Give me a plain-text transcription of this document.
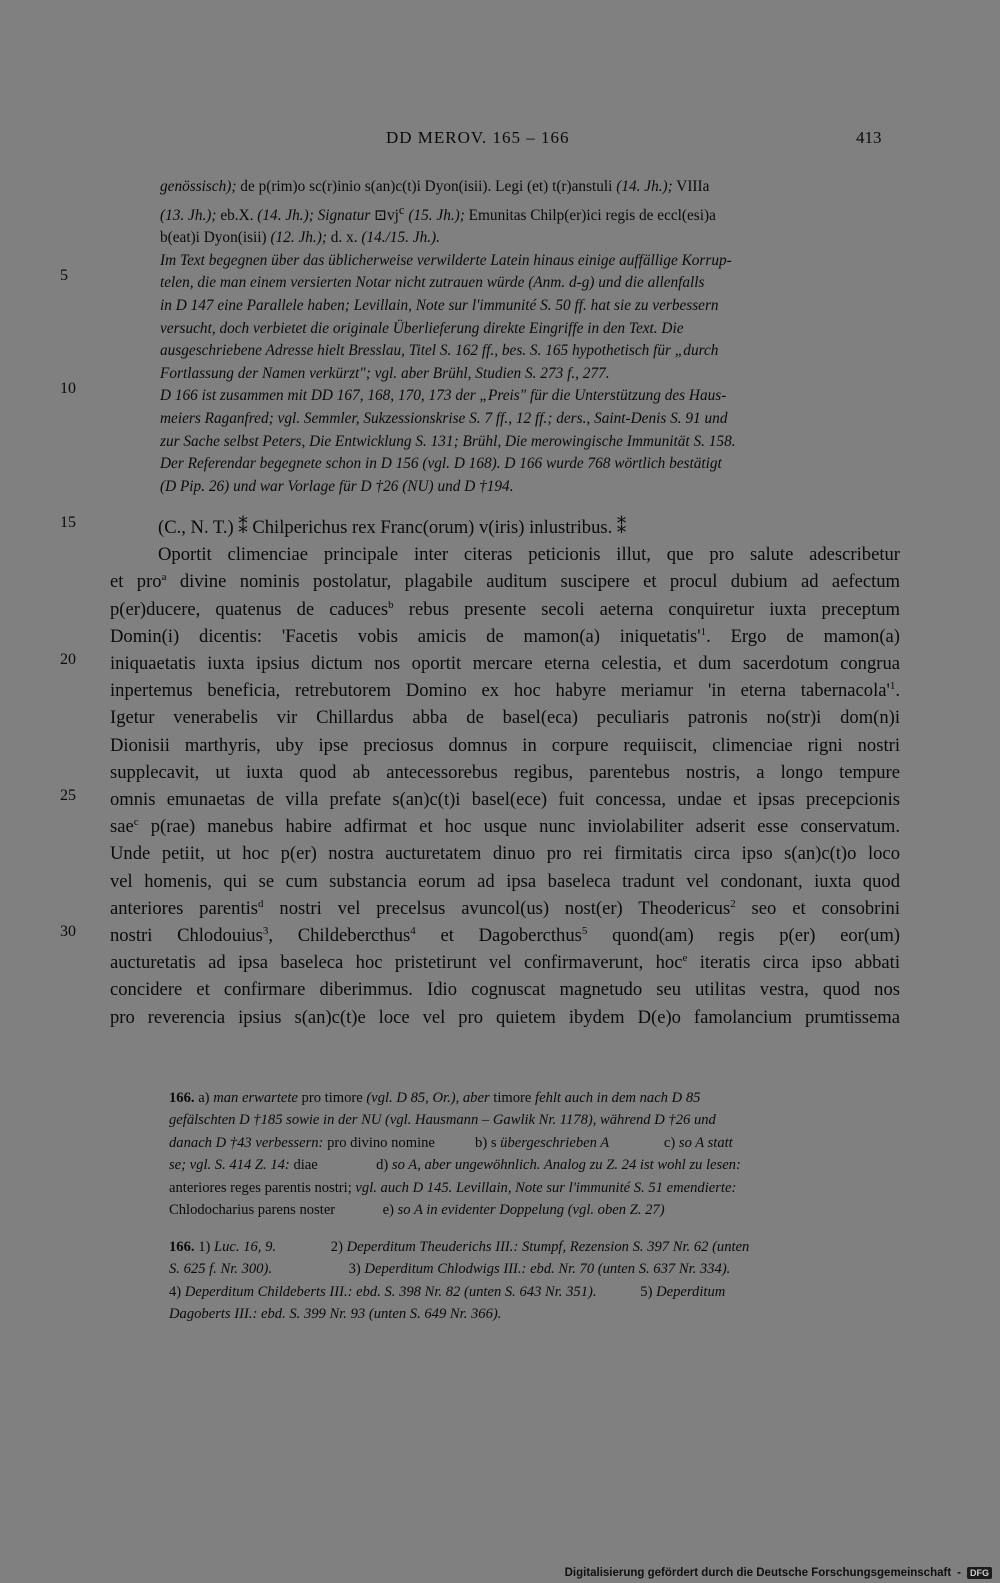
DD MEROV. 165 – 166	413
genössisch); de p(rim)o sc(r)inio s(an)c(t)i Dyon(isii). Legi (et) t(r)anstuli (14. Jh.); VIIIa
(13. Jh.); eb.X. (14. Jh.); Signatur $⊡vj^c$ (15. Jh.); Emunitas Chilp(er)ici regis de eccl(esi)a
b(eat)i Dyon(isii) (12. Jh.); d. x. (14./15. Jh.).
Im Text begegnen über das üblicherweise verwilderte Latein hinaus einige auffällige Korrup-
telen, die man einem versierten Notar nicht zutrauen würde (Anm. d-g) und die allenfalls
in D 147 eine Parallele haben; Levillain, Note sur l'immunité S. 50 ff. hat sie zu verbessern
versucht, doch verbietet die originale Überlieferung direkte Eingriffe in den Text. Die
ausgeschriebene Adresse hielt Bresslau, Titel S. 162 ff., bes. S. 165 hypothetisch für „durch
Fortlassung der Namen verkürzt"; vgl. aber Brühl, Studien S. 273 f., 277.
D 166 ist zusammen mit DD 167, 168, 170, 173 der „Preis" für die Unterstützung des Haus-
meiers Raganfred; vgl. Semmler, Sukzessionskrise S. 7 ff., 12 ff.; ders., Saint-Denis S. 91 und
zur Sache selbst Peters, Die Entwicklung S. 131; Brühl, Die merowingische Immunität S. 158.
Der Referendar begegnete schon in D 156 (vgl. D 168). D 166 wurde 768 wörtlich bestätigt
(D Pip. 26) und war Vorlage für D †26 (NU) und D †194.
5
10
15
20
25
30
(C., N. T.) ⁑ Chilperichus rex Franc(orum) v(iris) inlustribus. ⁑
Oportit climenciae principale inter citeras peticionis illut, que pro salute adescribetur
et pro$^a$ divine nominis postolatur, plagabile auditum suscipere et procul dubium ad aefectum
p(er)ducere, quatenus de caduces$^b$ rebus presente secoli aeterna conquiretur iuxta preceptum
Domin(i) dicentis: 'Facetis vobis amicis de mamon(a) $iniquetatis'^1$. Ergo de mamon(a)
iniquaetatis iuxta ipsius dictum nos oportit mercare eterna celestia, et dum sacerdotum congrua
inpertemus beneficia, retrebutorem Domino ex hoc habyre meriamur 'in eterna $tabernacola'^1$.
Igetur venerabelis vir Chillardus abba de basel(eca) peculiaris patronis no(str)i dom(n)i
Dionisii marthyris, uby ipse preciosus domnus in corpure requiiscit, climenciae rigni nostri
supplecavit, ut iuxta quod ab antecessorebus regibus, parentebus nostris, a longo tempure
omnis emunaetas de villa prefate s(an)c(t)i basel(ece) fuit concessa, undae et ipsas precepcionis
sae$^c$ p(rae) manebus habire adfirmat et hoc usque nunc inviolabiliter adserit esse conservatum.
Unde petiit, ut hoc p(er) nostra aucturetatem dinuo pro rei firmitatis circa ipso s(an)c(t)o loco
vel homenis, qui se cum substancia eorum ad ipsa baseleca tradunt vel condonant, iuxta quod
anteriores parentis$^d$ nostri vel precelsus avuncol(us) nost(er) Theodericus$^2$ seo et consobrini
nostri Chlodouius$^3$, Childebercthus$^4$ et Dagobercthus$^5$ quond(am) regis p(er) eor(um)
aucturetatis ad ipsa baseleca hoc pristetirunt vel confirmaverunt, hoc$^e$ iteratis circa ipso abbati
concidere et confirmare diberimmus. Idio cognuscat magnetudo seu utilitas vestra, quod nos
pro reverencia ipsius s(an)c(t)e loce vel pro quietem ibydem D(e)o famolancium prumtissema
166. a) man erwartete pro timore (vgl. D 85, Or.), aber timore fehlt auch in dem nach D 85
gefälschten D †185 sowie in der NU (vgl. Hausmann – Gawlik Nr. 1178), während D †26 und
danach D †43 verbessern: pro divino nomine           b) s übergeschrieben A               c) so A statt
se; vgl. S. 414 Z. 14: diae                d) so A, aber ungewöhnlich. Analog zu Z. 24 ist wohl zu lesen:
anteriores reges parentis nostri; vgl. auch D 145. Levillain, Note sur l'immunité S. 51 emendierte:
Chlodocharius parens noster             e) so A in evidenter Doppelung (vgl. oben Z. 27)
166. 1) Luc. 16, 9.               2) Deperditum Theuderichs III.: Stumpf, Rezension S. 397 Nr. 62 (unten
S. 625 f. Nr. 300).                     3) Deperditum Chlodwigs III.: ebd. Nr. 70 (unten S. 637 Nr. 334).
4) Deperditum Childeberts III.: ebd. S. 398 Nr. 82 (unten S. 643 Nr. 351).            5) Deperditum
Dagoberts III.: ebd. S. 399 Nr. 93 (unten S. 649 Nr. 366).
Digitalisierung gefördert durch die Deutsche Forschungsgemeinschaft -	DFG
